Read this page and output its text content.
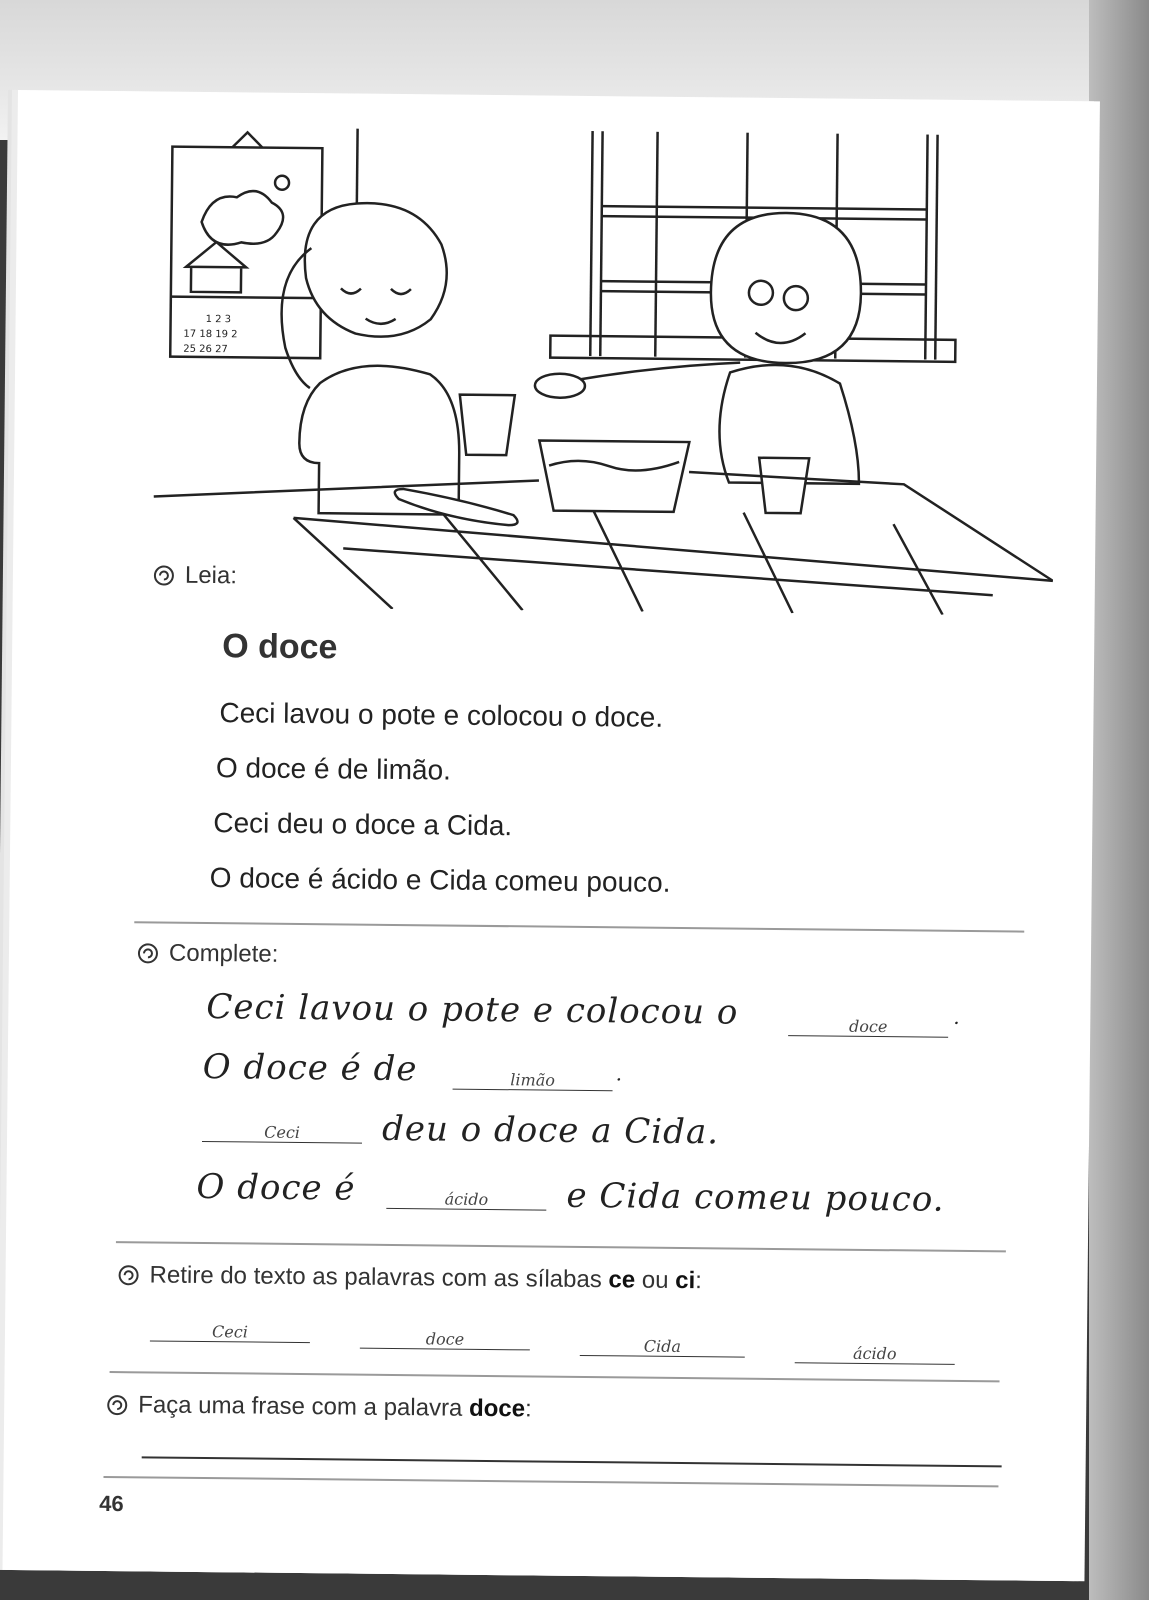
1 2 3
17 18 19 2
25 26 27
Leia:
O doce
Ceci lavou o pote e colocou o doce.
O doce é de limão.
Ceci deu o doce a Cida.
O doce é ácido e Cida comeu pouco.
Complete:
Ceci lavou o pote e colocou o	doce	.
O doce é de	limão	.
Ceci	deu o doce a Cida.
O doce é	ácido	e Cida comeu pouco.
Retire do texto as palavras com as sílabas ce ou ci:
Ceci	doce	Cida	ácido
Faça uma frase com a palavra doce:
46
